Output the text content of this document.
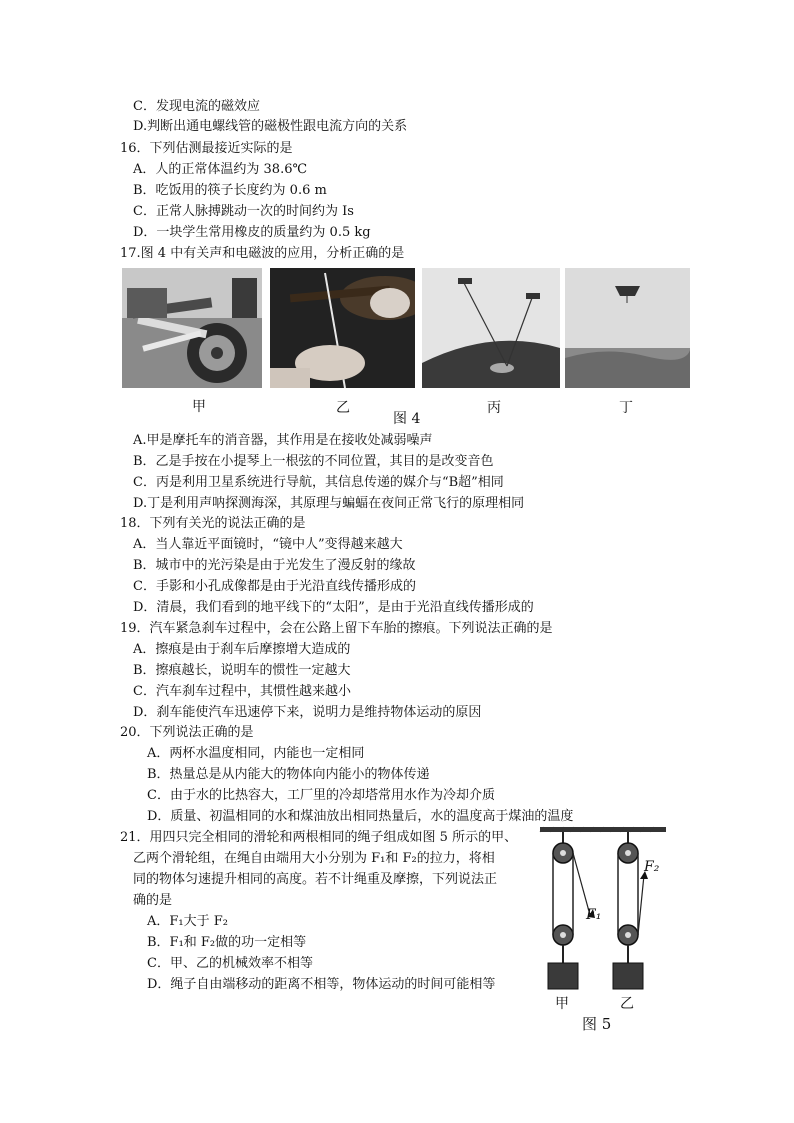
C．发现电流的磁效应
D.判断出通电螺线管的磁极性跟电流方向的关系
16．下列估测最接近实际的是
A．人的正常体温约为 38.6℃
B．吃饭用的筷子长度约为 0.6 m
C．正常人脉搏跳动一次的时间约为 Is
D．一块学生常用橡皮的质量约为 0.5 kg
17.图 4 中有关声和电磁波的应用，分析正确的是
甲	乙
图 4
丙	丁
A.甲是摩托车的消音器，其作用是在接收处减弱噪声
B．乙是手按在小提琴上一根弦的不同位置，其目的是改变音色
C．丙是利用卫星系统进行导航，其信息传递的媒介与“B超”相同
D.丁是利用声呐探测海深，其原理与蝙蝠在夜间正常飞行的原理相同
18．下列有关光的说法正确的是
A．当人靠近平面镜时，“镜中人”变得越来越大
B．城市中的光污染是由于光发生了漫反射的缘故
C．手影和小孔成像都是由于光沿直线传播形成的
D．清晨，我们看到的地平线下的“太阳”，是由于光沿直线传播形成的
19．汽车紧急刹车过程中，会在公路上留下车胎的擦痕。下列说法正确的是
A．擦痕是由于刹车后摩擦增大造成的
B．擦痕越长，说明车的惯性一定越大
C．汽车刹车过程中，其惯性越来越小
D．刹车能使汽车迅速停下来，说明力是维持物体运动的原因
20．下列说法正确的是
A．两杯水温度相同，内能也一定相同
B．热量总是从内能大的物体向内能小的物体传递
C．由于水的比热容大，工厂里的冷却塔常用水作为冷却介质
D．质量、初温相同的水和煤油放出相同热量后，水的温度高于煤油的温度
21．用四只完全相同的滑轮和两根相同的绳子组成如图 5 所示的甲、
乙两个滑轮组，在绳自由端用大小分别为 F₁和 F₂的拉力，将相
同的物体匀速提升相同的高度。若不计绳重及摩擦，下列说法正
确的是
A．F₁大于 F₂
B．F₁和 F₂做的功一定相等
C．甲、乙的机械效率不相等
D．绳子自由端移动的距离不相等，物体运动的时间可能相等
F₁
F₂
甲	乙
图 5
